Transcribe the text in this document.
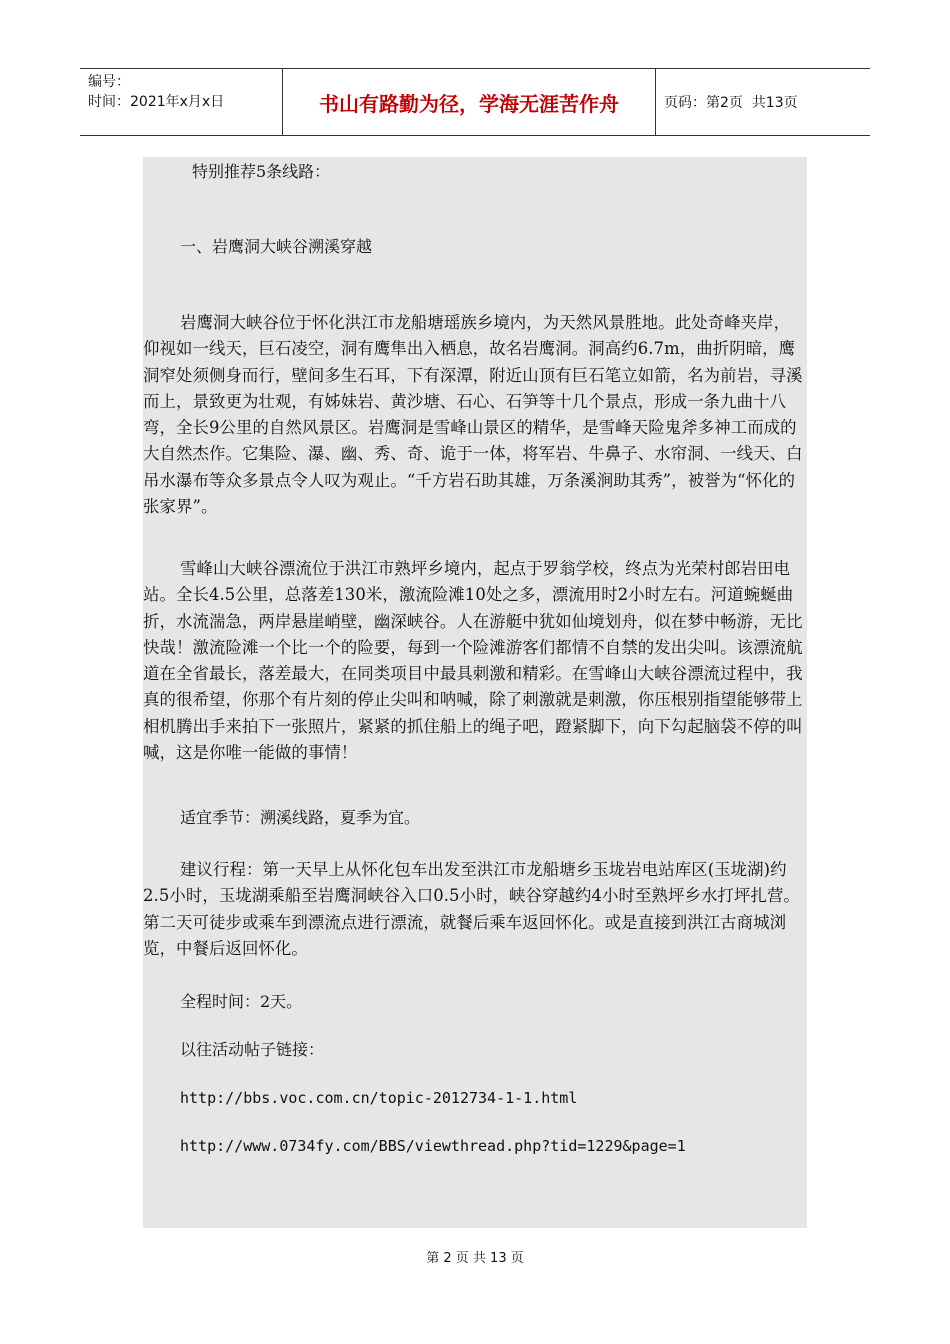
编号：
时间：2021年x月x日	书山有路勤为径，学海无涯苦作舟	页码：第2页  共13页
特别推荐5条线路：
一、岩鹰洞大峡谷溯溪穿越
岩鹰洞大峡谷位于怀化洪江市龙船塘瑶族乡境内，为天然风景胜地。此处奇峰夹岸，仰视如一线天，巨石凌空，洞有鹰隼出入栖息，故名岩鹰洞。洞高约6.7m，曲折阴暗，鹰洞窄处须侧身而行，壁间多生石耳，下有深潭，附近山顶有巨石笔立如箭，名为前岩，寻溪而上，景致更为壮观，有姊妹岩、黄沙塘、石心、石笋等十几个景点，形成一条九曲十八弯，全长9公里的自然风景区。岩鹰洞是雪峰山景区的精华，是雪峰天险鬼斧多神工而成的大自然杰作。它集险、瀑、幽、秀、奇、诡于一体，将军岩、牛鼻子、水帘洞、一线天、白吊水瀑布等众多景点令人叹为观止。“千方岩石助其雄，万条溪涧助其秀”，被誉为“怀化的张家界”。
雪峰山大峡谷漂流位于洪江市熟坪乡境内，起点于罗翁学校，终点为光荣村郎岩田电站。全长4.5公里，总落差130米，激流险滩10处之多，漂流用时2小时左右。河道蜿蜒曲折，水流湍急，两岸悬崖峭壁，幽深峡谷。人在游艇中犹如仙境划舟，似在梦中畅游，无比快哉！激流险滩一个比一个的险要，每到一个险滩游客们都情不自禁的发出尖叫。该漂流航道在全省最长，落差最大，在同类项目中最具刺激和精彩。在雪峰山大峡谷漂流过程中，我真的很希望，你那个有片刻的停止尖叫和呐喊，除了刺激就是刺激，你压根别指望能够带上相机腾出手来拍下一张照片，紧紧的抓住船上的绳子吧，蹬紧脚下，向下勾起脑袋不停的叫喊，这是你唯一能做的事情！
适宜季节：溯溪线路，夏季为宜。
建议行程：第一天早上从怀化包车出发至洪江市龙船塘乡玉垅岩电站库区(玉垅湖)约2.5小时，玉垅湖乘船至岩鹰洞峡谷入口0.5小时，峡谷穿越约4小时至熟坪乡水打坪扎营。第二天可徒步或乘车到漂流点进行漂流，就餐后乘车返回怀化。或是直接到洪江古商城浏览，中餐后返回怀化。
全程时间：2天。
以往活动帖子链接：
http://bbs.voc.com.cn/topic-2012734-1-1.html
http://www.0734fy.com/BBS/viewthread.php?tid=1229&page=1
第 2 页 共 13 页
